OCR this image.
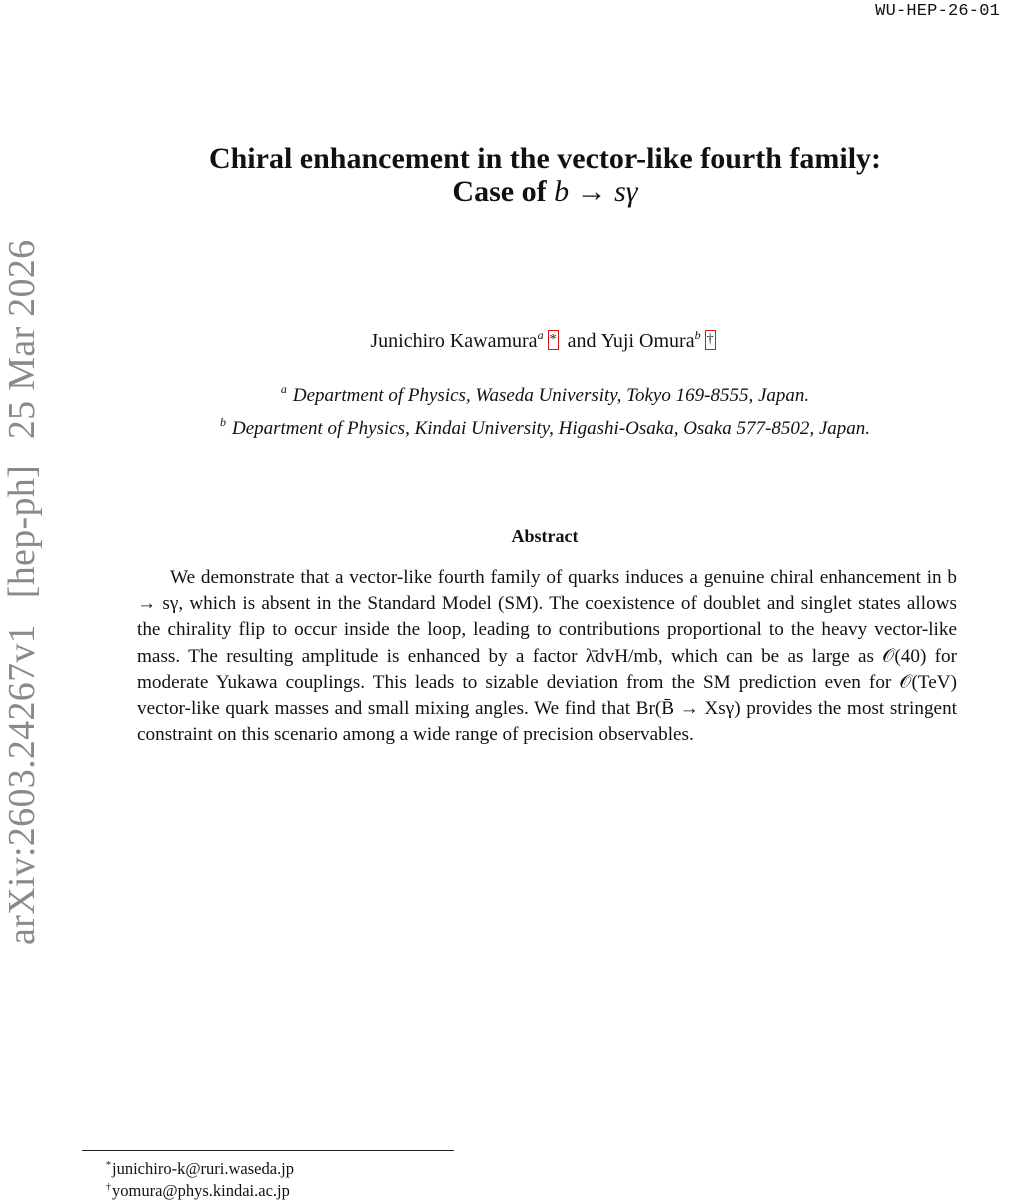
WU-HEP-26-01
arXiv:2603.24267v1 [hep-ph] 25 Mar 2026
Chiral enhancement in the vector-like fourth family:
Case of b → sγ
Junichiro Kawamura$^a$ * and Yuji Omura$^b$ †
$^a$ Department of Physics, Waseda University, Tokyo 169-8555, Japan.
$^b$ Department of Physics, Kindai University, Higashi-Osaka, Osaka 577-8502, Japan.
Abstract
We demonstrate that a vector-like fourth family of quarks induces a genuine chiral enhancement in b → sγ, which is absent in the Standard Model (SM). The coexistence of doublet and singlet states allows the chirality flip to occur inside the loop, leading to contributions proportional to the heavy vector-like mass. The resulting amplitude is enhanced by a factor λ̄dvH/mb, which can be as large as 𝒪(40) for moderate Yukawa couplings. This leads to sizable deviation from the SM prediction even for 𝒪(TeV) vector-like quark masses and small mixing angles. We find that Br(B̄ → Xsγ) provides the most stringent constraint on this scenario among a wide range of precision observables.
*junichiro-k@ruri.waseda.jp
†yomura@phys.kindai.ac.jp
